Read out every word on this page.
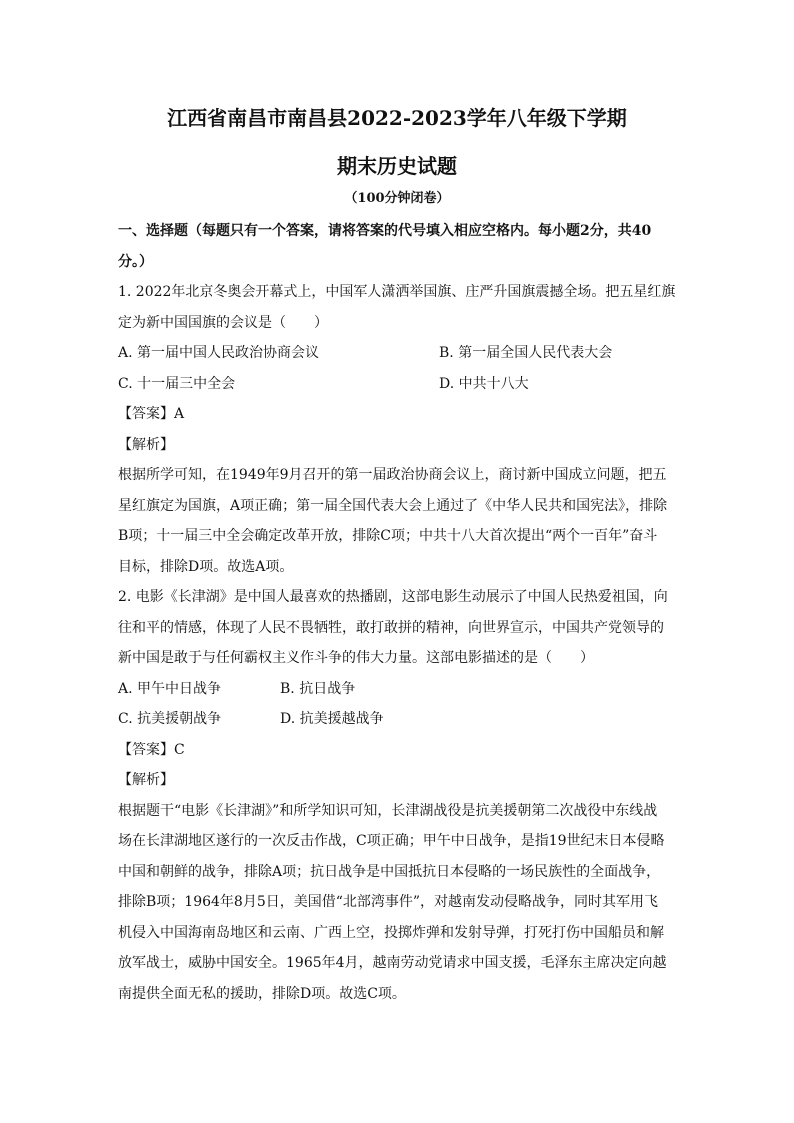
江西省南昌市南昌县2022-2023学年八年级下学期
期末历史试题
（100分钟闭卷）
一、选择题（每题只有一个答案，请将答案的代号填入相应空格内。每小题2分，共40
分。）
1. 2022年北京冬奥会开幕式上，中国军人潇洒举国旗、庄严升国旗震撼全场。把五星红旗
定为新中国国旗的会议是（　　）
A. 第一届中国人民政治协商会议	B. 第一届全国人民代表大会
C. 十一届三中全会	D. 中共十八大
【答案】A
【解析】
根据所学可知，在1949年9月召开的第一届政治协商会议上，商讨新中国成立问题，把五
星红旗定为国旗，A项正确；第一届全国代表大会上通过了《中华人民共和国宪法》，排除
B项；十一届三中全会确定改革开放，排除C项；中共十八大首次提出“两个一百年”奋斗
目标，排除D项。故选A项。
2. 电影《长津湖》是中国人最喜欢的热播剧，这部电影生动展示了中国人民热爱祖国，向
往和平的情感，体现了人民不畏牺牲，敢打敢拼的精神，向世界宣示，中国共产党领导的
新中国是敢于与任何霸权主义作斗争的伟大力量。这部电影描述的是（　　）
A. 甲午中日战争	B. 抗日战争
C. 抗美援朝战争	D. 抗美援越战争
【答案】C
【解析】
根据题干“电影《长津湖》”和所学知识可知，长津湖战役是抗美援朝第二次战役中东线战
场在长津湖地区遂行的一次反击作战，C项正确；甲午中日战争，是指19世纪末日本侵略
中国和朝鲜的战争，排除A项；抗日战争是中国抵抗日本侵略的一场民族性的全面战争，
排除B项；1964年8月5日，美国借“北部湾事件”，对越南发动侵略战争，同时其军用飞
机侵入中国海南岛地区和云南、广西上空，投掷炸弹和发射导弹，打死打伤中国船员和解
放军战士，威胁中国安全。1965年4月，越南劳动党请求中国支援，毛泽东主席决定向越
南提供全面无私的援助，排除D项。故选C项。
